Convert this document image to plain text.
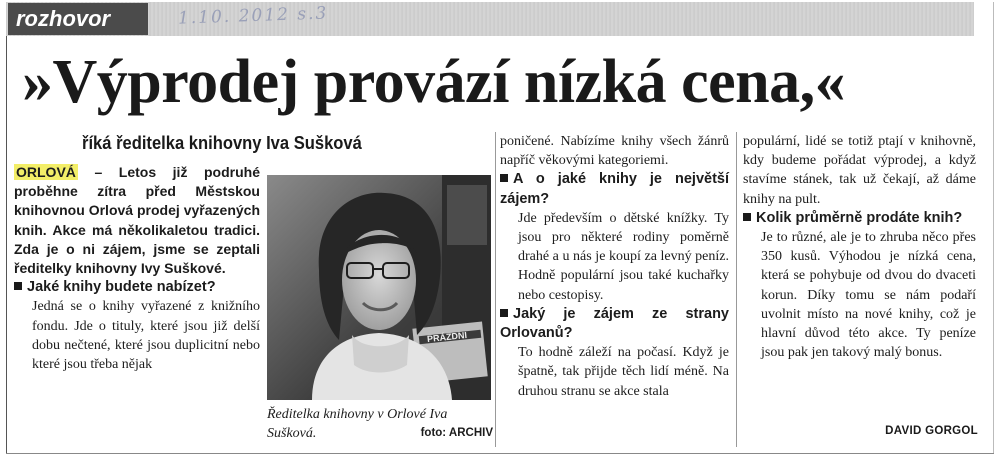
rozhovor	1.10. 2012 s.3
»Výprodej provází nízká cena,«
říká ředitelka knihovny Iva Sušková

ORLOVÁ – Letos již podruhé proběhne zítra před Městskou knihovnou Orlová prodej vyřazených knih. Akce má několikaletou tradici. Zda je o ni zájem, jsme se zeptali ředitelky knihovny Ivy Suškové.

Jaké knihy budete nabízet?

Jedná se o knihy vyřazené z knižního fondu. Jde o tituly, které jsou již delší dobu nečtené, které jsou duplicitní nebo které jsou třeba nějak

PRÁZDNI
Ředitelka knihovny v Orlové Iva Sušková.	foto: ARCHIV

poničené. Nabízíme knihy všech žánrů napříč věkovými kategoriemi.

A o jaké knihy je největší zájem?

Jde především o dětské knížky. Ty jsou pro některé rodiny poměrně drahé a u nás je koupí za levný peníz. Hodně populární jsou také kuchařky nebo cestopisy.

Jaký je zájem ze strany Orlovanů?

To hodně záleží na počasí. Když je špatně, tak přijde těch lidí méně. Na druhou stranu se akce stala

populární, lidé se totiž ptají v knihovně, kdy budeme pořádat výprodej, a když stavíme stánek, tak už čekají, až dáme knihy na pult.

Kolik průměrně prodáte knih?

Je to různé, ale je to zhruba něco přes 350 kusů. Výhodou je nízká cena, která se pohybuje od dvou do dvaceti korun. Díky tomu se nám podaří uvolnit místo na nové knihy, což je hlavní důvod této akce. Ty peníze jsou pak jen takový malý bonus.

DAVID GORGOL
